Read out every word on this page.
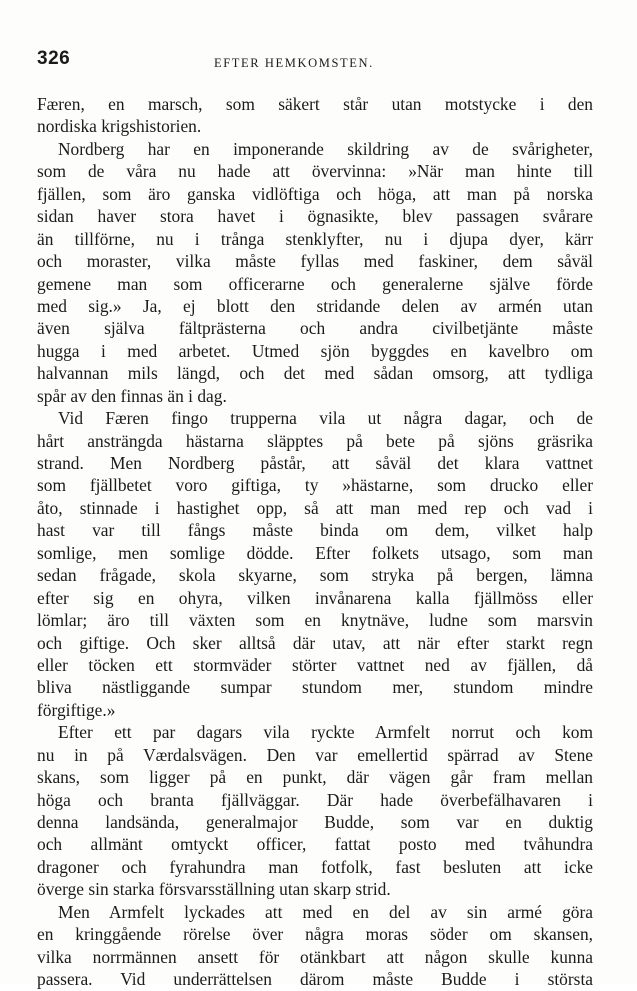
326	EFTER HEMKOMSTEN.
Færen, en marsch, som säkert står utan motstycke i den
nordiska krigshistorien.
Nordberg har en imponerande skildring av de svårigheter,
som de våra nu hade att övervinna: »När man hinte till
fjällen, som äro ganska vidlöftiga och höga, att man på norska
sidan haver stora havet i ögnasikte, blev passagen svårare
än tillförne, nu i trånga stenklyfter, nu i djupa dyer, kärr
och moraster, vilka måste fyllas med faskiner, dem såväl
gemene man som officerarne och generalerne själve förde
med sig.» Ja, ej blott den stridande delen av armén utan
även själva fältprästerna och andra civilbetjänte måste
hugga i med arbetet. Utmed sjön byggdes en kavelbro om
halvannan mils längd, och det med sådan omsorg, att tydliga
spår av den finnas än i dag.
Vid Færen fingo trupperna vila ut några dagar, och de
hårt ansträngda hästarna släpptes på bete på sjöns gräsrika
strand. Men Nordberg påstår, att såväl det klara vattnet
som fjällbetet voro giftiga, ty »hästarne, som drucko eller
åto, stinnade i hastighet opp, så att man med rep och vad i
hast var till fångs måste binda om dem, vilket halp
somlige, men somlige dödde. Efter folkets utsago, som man
sedan frågade, skola skyarne, som stryka på bergen, lämna
efter sig en ohyra, vilken invånarena kalla fjällmöss eller
lömlar; äro till växten som en knytnäve, ludne som marsvin
och giftige. Och sker alltså där utav, att när efter starkt regn
eller töcken ett stormväder störter vattnet ned av fjällen, då
bliva nästliggande sumpar stundom mer, stundom mindre
förgiftige.»
Efter ett par dagars vila ryckte Armfelt norrut och kom
nu in på Værdalsvägen. Den var emellertid spärrad av Stene
skans, som ligger på en punkt, där vägen går fram mellan
höga och branta fjällväggar. Där hade överbefälhavaren i
denna landsända, generalmajor Budde, som var en duktig
och allmänt omtyckt officer, fattat posto med tvåhundra
dragoner och fyrahundra man fotfolk, fast besluten att icke
överge sin starka försvarsställning utan skarp strid.
Men Armfelt lyckades att med en del av sin armé göra
en kringgående rörelse över några moras söder om skansen,
vilka norrmännen ansett för otänkbart att någon skulle kunna
passera. Vid underrättelsen därom måste Budde i största
